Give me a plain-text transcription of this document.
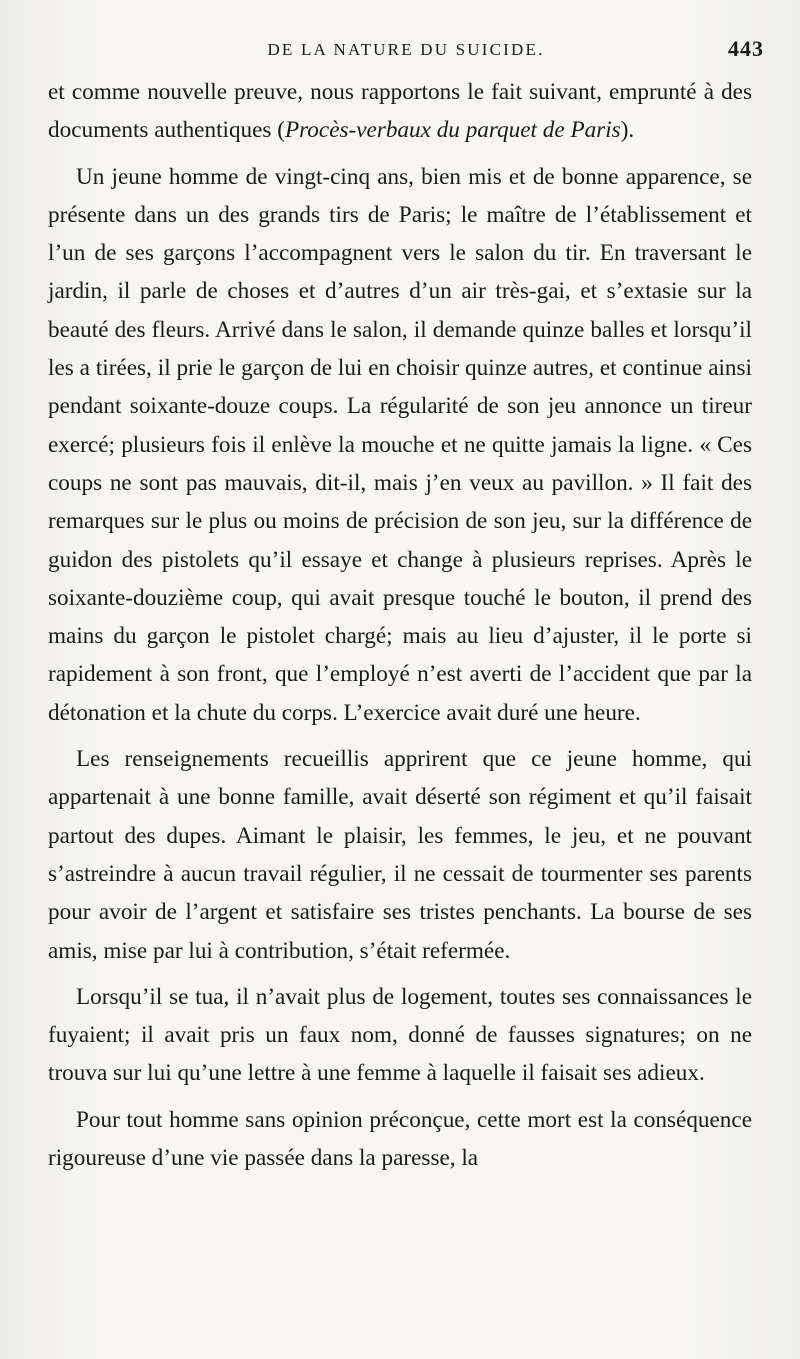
DE LA NATURE DU SUICIDE.	443

et comme nouvelle preuve, nous rapportons le fait suivant, emprunté à des documents authentiques (Procès-verbaux du parquet de Paris).

Un jeune homme de vingt-cinq ans, bien mis et de bonne apparence, se présente dans un des grands tirs de Paris; le maître de l’établissement et l’un de ses garçons l’accompagnent vers le salon du tir. En traversant le jardin, il parle de choses et d’autres d’un air très-gai, et s’extasie sur la beauté des fleurs. Arrivé dans le salon, il demande quinze balles et lorsqu’il les a tirées, il prie le garçon de lui en choisir quinze autres, et continue ainsi pendant soixante-douze coups. La régularité de son jeu annonce un tireur exercé; plusieurs fois il enlève la mouche et ne quitte jamais la ligne. « Ces coups ne sont pas mauvais, dit-il, mais j’en veux au pavillon. » Il fait des remarques sur le plus ou moins de précision de son jeu, sur la différence de guidon des pistolets qu’il essaye et change à plusieurs reprises. Après le soixante-douzième coup, qui avait presque touché le bouton, il prend des mains du garçon le pistolet chargé; mais au lieu d’ajuster, il le porte si rapidement à son front, que l’employé n’est averti de l’accident que par la détonation et la chute du corps. L’exercice avait duré une heure.

Les renseignements recueillis apprirent que ce jeune homme, qui appartenait à une bonne famille, avait déserté son régiment et qu’il faisait partout des dupes. Aimant le plaisir, les femmes, le jeu, et ne pouvant s’astreindre à aucun travail régulier, il ne cessait de tourmenter ses parents pour avoir de l’argent et satisfaire ses tristes penchants. La bourse de ses amis, mise par lui à contribution, s’était refermée.

Lorsqu’il se tua, il n’avait plus de logement, toutes ses connaissances le fuyaient; il avait pris un faux nom, donné de fausses signatures; on ne trouva sur lui qu’une lettre à une femme à laquelle il faisait ses adieux.

Pour tout homme sans opinion préconçue, cette mort est la conséquence rigoureuse d’une vie passée dans la paresse, la
